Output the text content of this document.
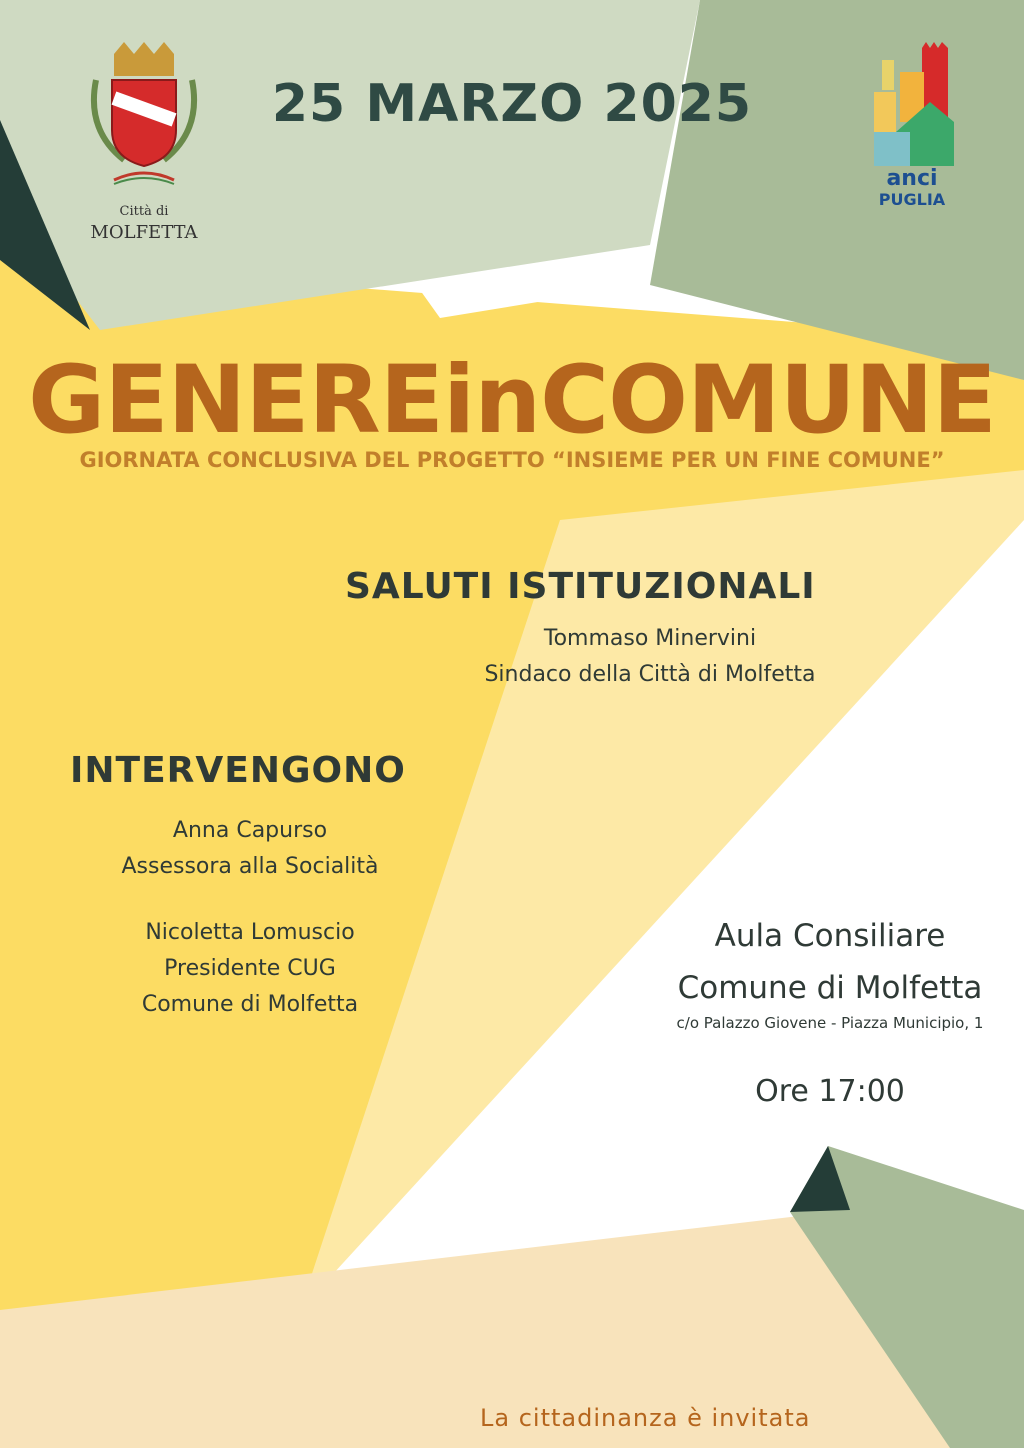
Città di
MOLFETTA
anci
PUGLIA
25 MARZO 2025
GENEREinCOMUNE
GIORNATA CONCLUSIVA DEL PROGETTO “INSIEME PER UN FINE COMUNE”
SALUTI ISTITUZIONALI
Tommaso Minervini
Sindaco della Città di Molfetta
INTERVENGONO
Anna Capurso
Assessora alla Socialità
Nicoletta Lomuscio
Presidente CUG
Comune di Molfetta
Aula Consiliare
Comune di Molfetta
c/o Palazzo Giovene - Piazza Municipio, 1
Ore 17:00
La cittadinanza è invitata
